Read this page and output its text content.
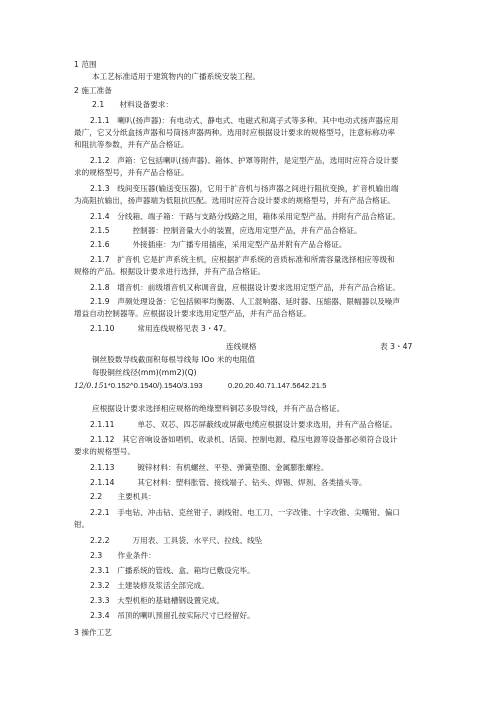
1 范围
本工艺标准适用于建筑物内的广播系统安装工程。
2 施工准备
2.1　　材料设备要求：
2.1.1　喇叭(扬声器)：有电动式、静电式、电磁式和离子式等多种。其中电动式扬声器应用
最广，它又分纸盒扬声器和号筒扬声器两种。选用时应根据设计要求的规格型号，注意标称功率
和阻抗等参数，并有产品合格证。
2.1.2　声箱：它包括喇叭(扬声器)、箱体、护罩等附件，是定型产品，选用时应符合设计要
求的规格型号，并有产品合格证。
2.1.3　线间变压器(输送变压器)，它用于扩音机与扬声器之间进行阻抗变换，扩音机输出端
为高阻抗输出，扬声器端为低阻抗匹配。选用时应符合设计要求的规格型号，并有产品合格证。
2.1.4　分线箱、端子箱：干路与支路分线路之用，箱体采用定型产品。并附有产品合格证。
2.1.5　　　控制器：控制音量大小的装置，应选用定型产品，并有产品合格证。
2.1.6　　　外接插座：为广播专用插座，采用定型产品并附有产品合格证。
2.1.7　扩音机 它是扩声系统主机，应根据扩声系统的音质标准和所需容量选择相应等级和
规格的产品。根据设计要求进行选择，并有产品合格证。
2.1.8　增音机：前级增音机又称调音盘，应根据设计要求选用定型产品，并有产品合格证。
2.1.9　声频处理设备：它包括频率均衡器、人工混响器、延时器、压缩器、限幅器以及噪声
增益自动控制器等。应根据设计要求选用定型产品，并有产品合格证。
2.1.10　　　常用连线规格见表 3・47。
连线规格	表 3・47
铜丝股数导线截面积每根导线每 lOo 米的电阻值
每股铜丝线径(mm)(mm2)(Q)
12/0.151*0.152^0.1540/).1540/3.193	0.20.20.40.71.147.5642.21.5
应根据设计要求选择相应规格的绝缘塑料铜芯多股导线，并有产品合格证。
2.1.11　　　单芯、双芯、四芯屏蔽线或屏蔽电缆应根据设计要求选用，并有产品合格证。
2.1.12　其它音响设备如唱机、收录机、话筒、控制电源、稳压电源等设备都必须符合设计
要求的规格型号。
2.1.13　　　镀锌材料：有机螺丝、平垫、弹簧垫圈、金属膨胀螺栓。
2.1.14　　　其它材料：塑料胀管、接线端子、钻头、焊锡、焊剂、各类插头等。
2.2　　主要机具：
2.2.1　手电钻、冲击钻、克丝钳子、剥线钳、电工刀、一字改锥、十字改锥、尖嘴钳、偏口
钳。
2.2.2　　　万用表、工具袋、水平尺、拉线、线坠
2.3　　作业条件：
2.3.1　广播系统的管线、盒、箱均已敷设完毕。
2.3.2　土建装修及浆活全部完成。
2.3.3　大型机柜的基础槽钢设置完成。
2.3.4　吊顶的喇叭预留孔按实际尺寸已经留好。
3 操作工艺
